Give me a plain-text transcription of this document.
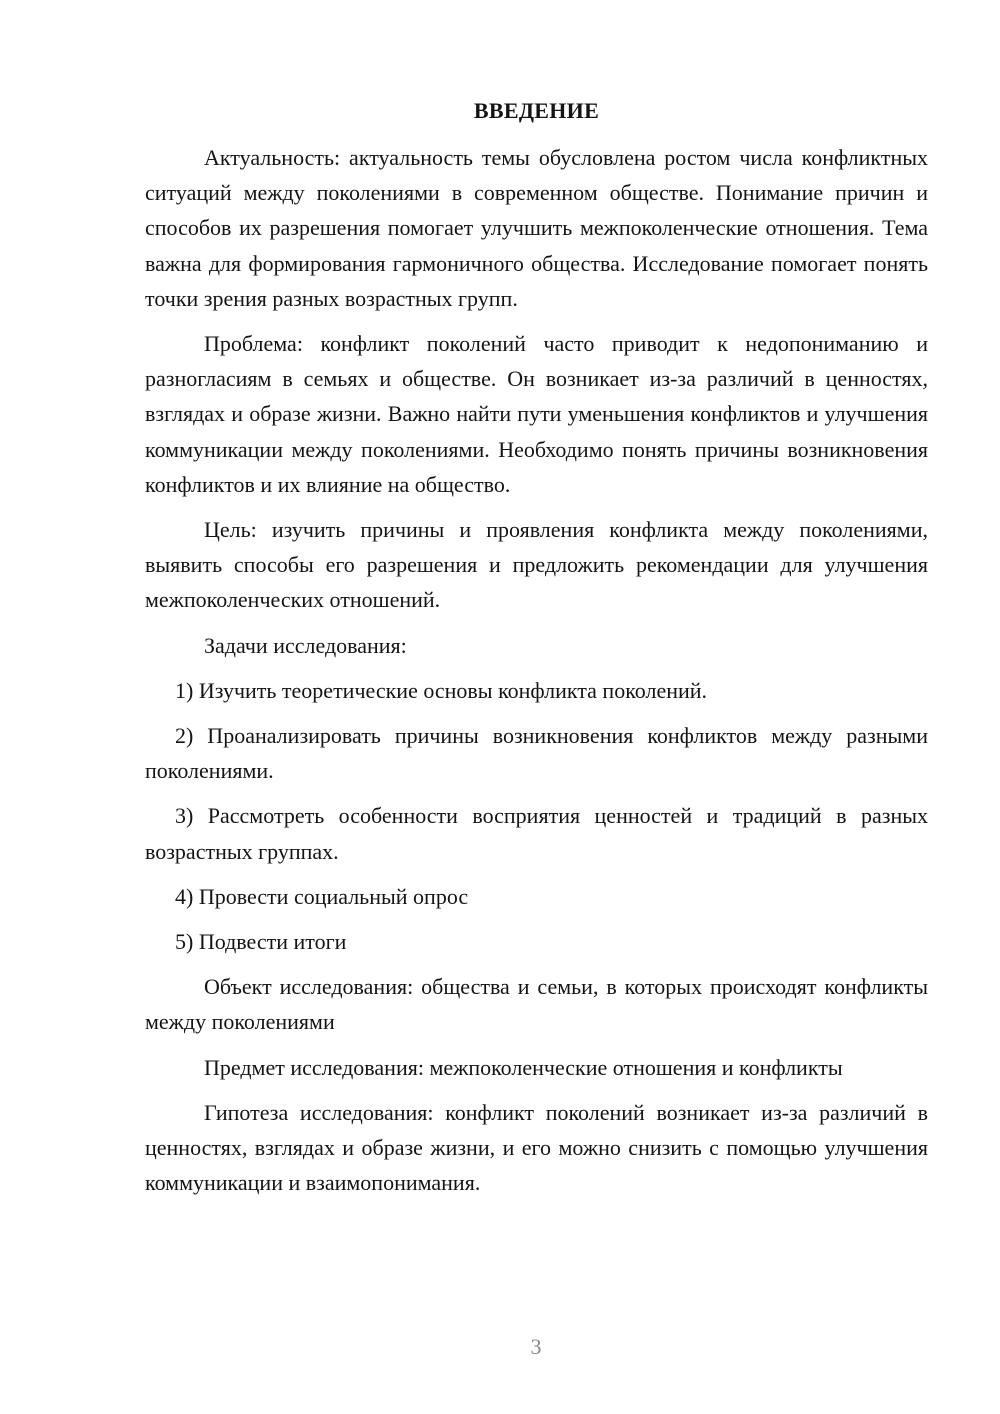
ВВЕДЕНИЕ

Актуальность: актуальность темы обусловлена ростом числа конфликтных ситуаций между поколениями в современном обществе. Понимание причин и способов их разрешения помогает улучшить межпоколенческие отношения. Тема важна для формирования гармоничного общества. Исследование помогает понять точки зрения разных возрастных групп.

Проблема: конфликт поколений часто приводит к недопониманию и разногласиям в семьях и обществе. Он возникает из-за различий в ценностях, взглядах и образе жизни. Важно найти пути уменьшения конфликтов и улучшения коммуникации между поколениями. Необходимо понять причины возникновения конфликтов и их влияние на общество.

Цель: изучить причины и проявления конфликта между поколениями, выявить способы его разрешения и предложить рекомендации для улучшения межпоколенческих отношений.

Задачи исследования:

1) Изучить теоретические основы конфликта поколений.

2) Проанализировать причины возникновения конфликтов между разными поколениями.

3) Рассмотреть особенности восприятия ценностей и традиций в разных возрастных группах.

4) Провести социальный опрос

5) Подвести итоги

Объект исследования: общества и семьи, в которых происходят конфликты между поколениями

Предмет исследования: межпоколенческие отношения и конфликты

Гипотеза исследования: конфликт поколений возникает из-за различий в ценностях, взглядах и образе жизни, и его можно снизить с помощью улучшения коммуникации и взаимопонимания.

3
